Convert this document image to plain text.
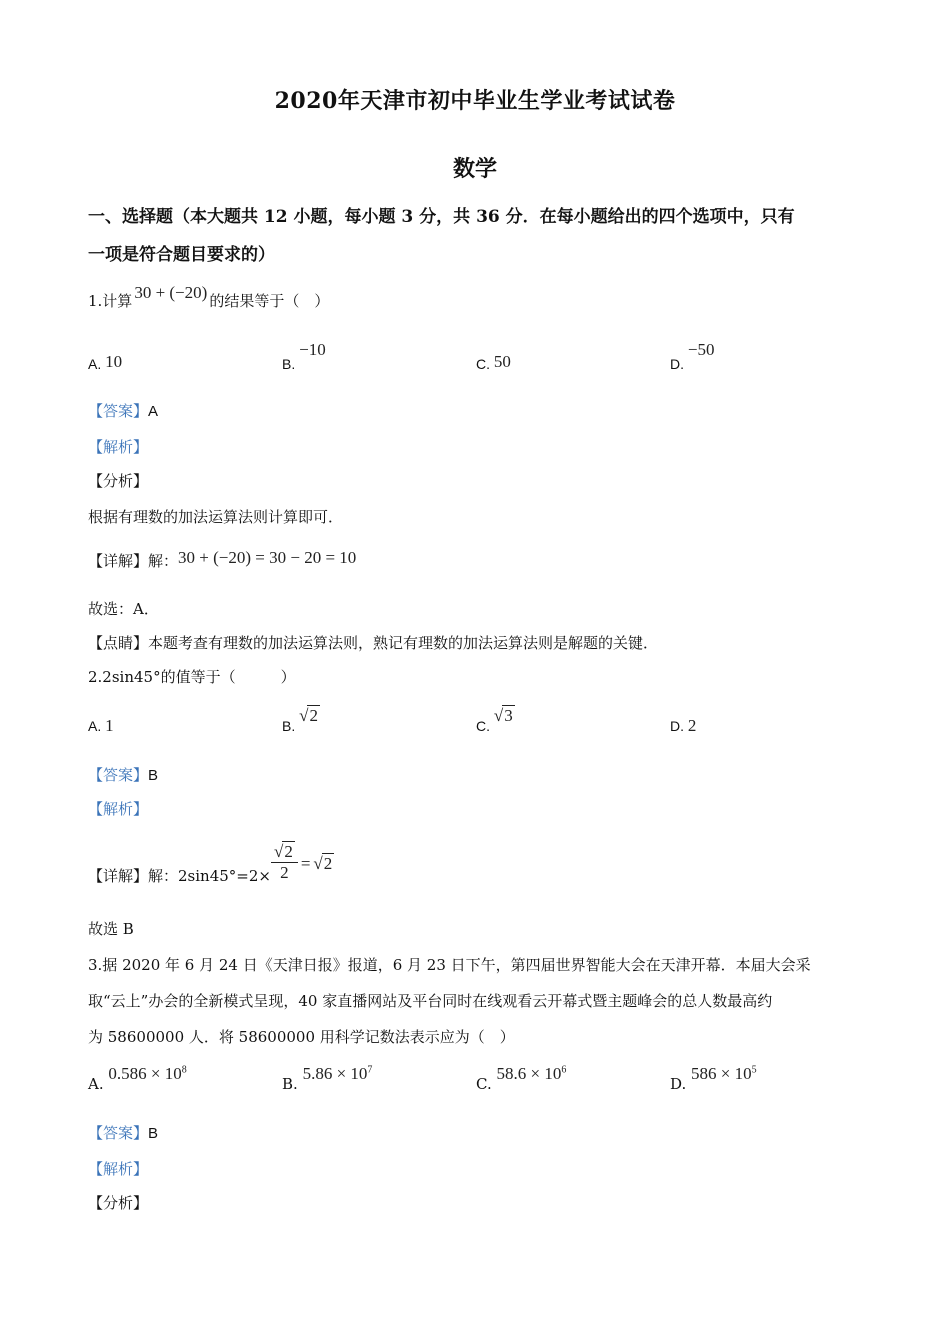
2020年天津市初中毕业生学业考试试卷
数学
一、选择题（本大题共 12 小题，每小题 3 分，共 36 分．在每小题给出的四个选项中，只有
一项是符合题目要求的）
1.计算 30 + (−20) 的结果等于（　）
A. 10	B. −10
C. 50	D. −50
【答案】A
【解析】
【分析】
根据有理数的加法运算法则计算即可．
【详解】解：30 + (−20) = 30 − 20 = 10
故选：A．
【点睛】本题考查有理数的加法运算法则，熟记有理数的加法运算法则是解题的关键．
2.2sin45°的值等于（　　　）
A. 1	B. √2
C. √3
D. 2
【答案】B
【解析】
【详解】解：$2\sin 45^\circ=2\times \frac{√2}{2} = √2$
故选 B
3.据 2020 年 6 月 24 日《天津日报》报道，6 月 23 日下午，第四届世界智能大会在天津开幕．本届大会采
取“云上”办会的全新模式呈现，40 家直播网站及平台同时在线观看云开幕式暨主题峰会的总人数最高约
为 58600000 人．将 58600000 用科学记数法表示应为（　）
A. $0.586 \times 10^8$
B. $5.86 \times 10^7$
C. $58.6 \times 10^6$
D. $586 \times 10^5$
【答案】B
【解析】
【分析】
